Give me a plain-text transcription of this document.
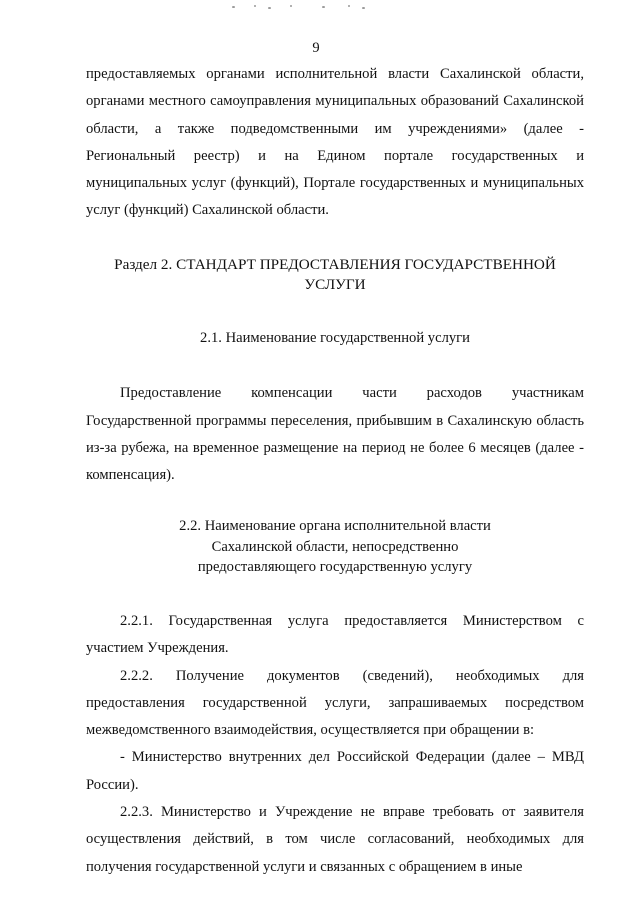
9

предоставляемых органами исполнительной власти Сахалинской области, органами местного самоуправления муниципальных образований Сахалинской области, а также подведомственными им учреждениями» (далее - Региональный реестр) и на Едином портале государственных и муниципальных услуг (функций), Портале государственных и муниципальных услуг (функций) Сахалинской области.

Раздел 2. СТАНДАРТ ПРЕДОСТАВЛЕНИЯ ГОСУДАРСТВЕННОЙ

УСЛУГИ

2.1. Наименование государственной услуги

Предоставление компенсации части расходов участникам Государственной программы переселения, прибывшим в Сахалинскую область из-за рубежа, на временное размещение на период не более 6 месяцев (далее - компенсация).

2.2. Наименование органа исполнительной власти

Сахалинской области, непосредственно

предоставляющего государственную услугу

2.2.1. Государственная услуга предоставляется Министерством с участием Учреждения.

2.2.2. Получение документов (сведений), необходимых для предоставления государственной услуги, запрашиваемых посредством межведомственного взаимодействия, осуществляется при обращении в:

- Министерство внутренних дел Российской Федерации (далее – МВД России).

2.2.3. Министерство и Учреждение не вправе требовать от заявителя осуществления действий, в том числе согласований, необходимых для получения государственной услуги и связанных с обращением в иные
